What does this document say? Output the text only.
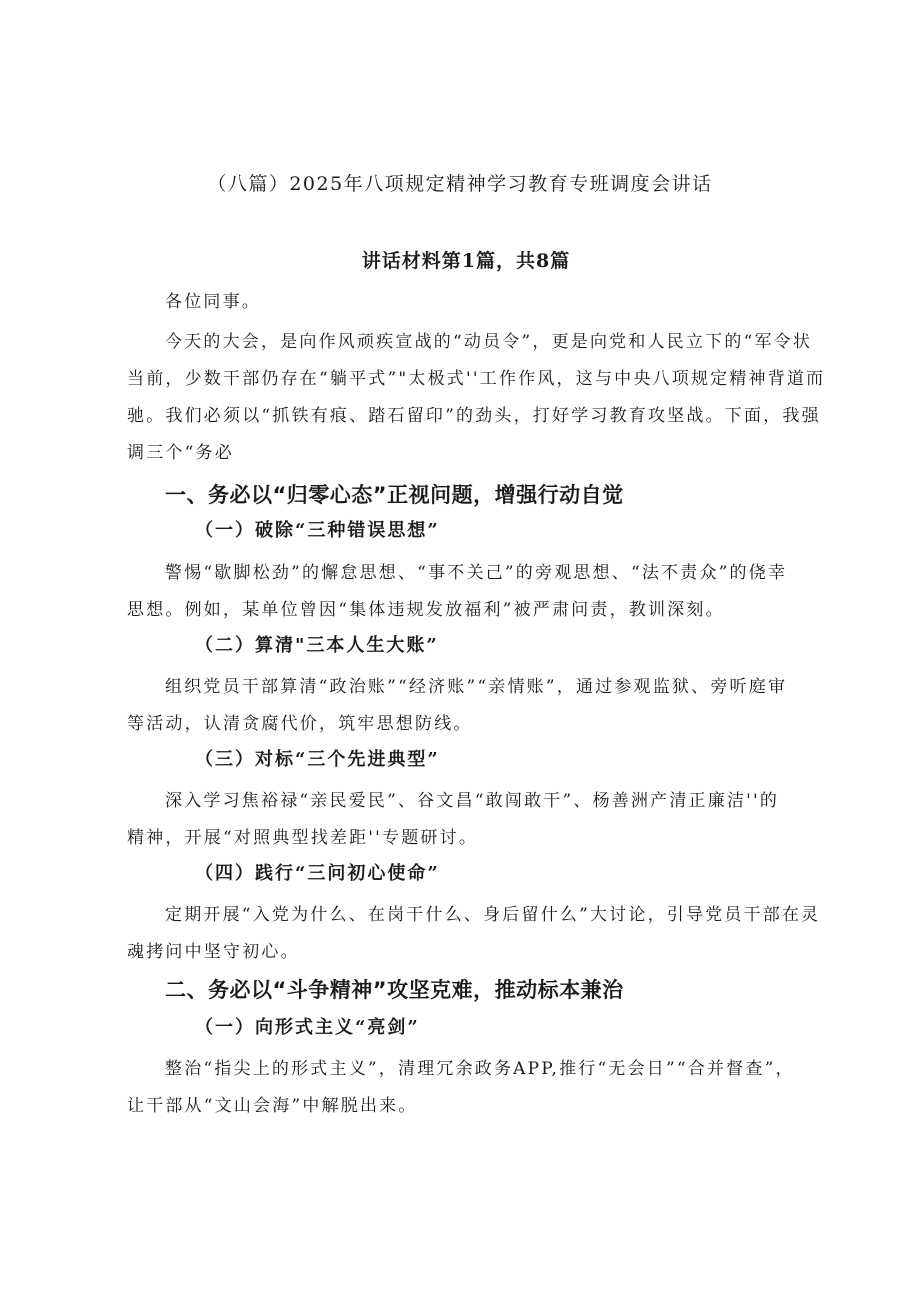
（八篇）2025年八项规定精神学习教育专班调度会讲话
讲话材料第1篇，共8篇
各位同事。
今天的大会，是向作风顽疾宣战的“动员令”，更是向党和人民立下的“军令状
当前，少数干部仍存在“躺平式”"太极式''工作作风，这与中央八项规定精神背道而
驰。我们必须以“抓铁有痕、踏石留印”的劲头，打好学习教育攻坚战。下面，我强
调三个“务必
一、务必以“归零心态”正视问题，增强行动自觉
（一）破除“三种错误思想”
警惕“歇脚松劲”的懈怠思想、“事不关己”的旁观思想、“法不责众”的侥幸
思想。例如，某单位曾因“集体违规发放福利”被严肃问责，教训深刻。
（二）算清"三本人生大账”
组织党员干部算清“政治账”“经济账”“亲情账”，通过参观监狱、旁听庭审
等活动，认清贪腐代价，筑牢思想防线。
（三）对标“三个先进典型”
深入学习焦裕禄“亲民爱民”、谷文昌“敢闯敢干”、杨善洲产清正廉洁''的
精神，开展“对照典型找差距''专题研讨。
（四）践行“三问初心使命”
定期开展“入党为什么、在岗干什么、身后留什么”大讨论，引导党员干部在灵
魂拷问中坚守初心。
二、务必以“斗争精神”攻坚克难，推动标本兼治
（一）向形式主义“亮剑”
整治“指尖上的形式主义”，清理冗余政务APP,推行“无会日”“合并督查”，
让干部从“文山会海”中解脱出来。
